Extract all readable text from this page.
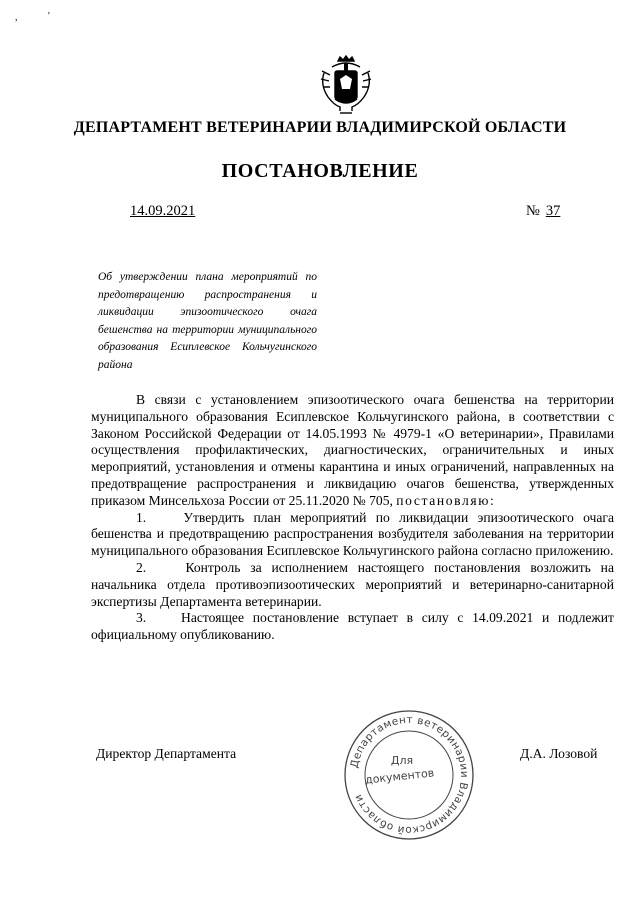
,	'
ДЕПАРТАМЕНТ ВЕТЕРИНАРИИ ВЛАДИМИРСКОЙ ОБЛАСТИ
ПОСТАНОВЛЕНИЕ
14.09.2021	№ 37
Об утверждении плана мероприятий по предотвращению распространения и ликвидации эпизоотического очага бешенства на территории муниципального образования Есиплевское Кольчугинского района

В связи с установлением эпизоотического очага бешенства на территории муниципального образования Есиплевское Кольчугинского района, в соответствии с Законом Российской Федерации от 14.05.1993 № 4979-1 «О ветеринарии», Правилами осуществления профилактических, диагностических, ограничительных и иных мероприятий, установления и отмены карантина и иных ограничений, направленных на предотвращение распространения и ликвидацию очагов бешенства, утвержденных приказом Минсельхоза России от 25.11.2020 № 705, постановляю:

1.    Утвердить план мероприятий по ликвидации эпизоотического очага бешенства и предотвращению распространения возбудителя заболевания на территории муниципального образования Есиплевское Кольчугинского района согласно приложению.

2.    Контроль за исполнением настоящего постановления возложить на начальника отдела противоэпизоотических мероприятий и ветеринарно-санитарной экспертизы Департамента ветеринарии.

3.    Настоящее постановление вступает в силу с 14.09.2021 и подлежит официальному опубликованию.

Директор Департамента	Д.А. Лозовой
Департамент ветеринарии Владимирской области
Для
документов
